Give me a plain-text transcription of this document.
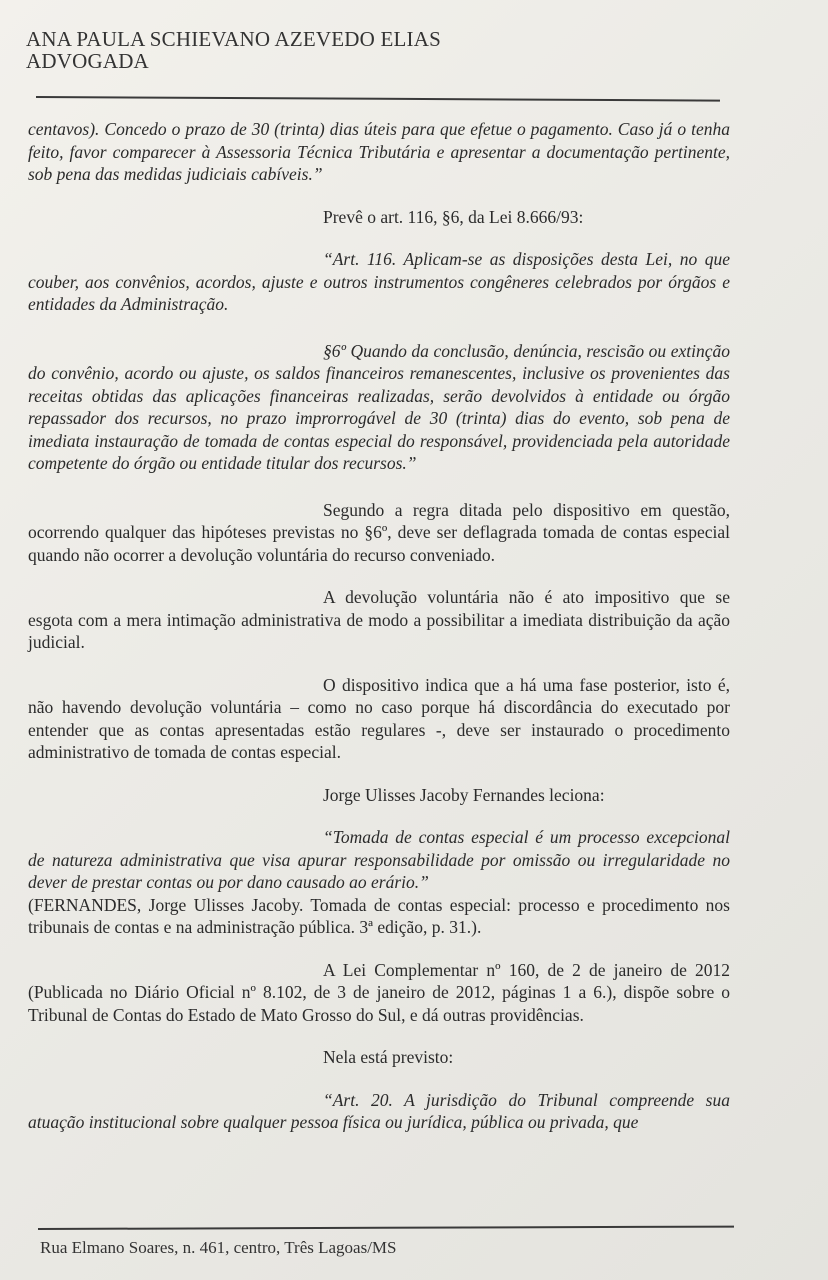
ANA PAULA SCHIEVANO AZEVEDO ELIAS
ADVOGADA

centavos). Concedo o prazo de 30 (trinta) dias úteis para que efetue o pagamento. Caso já o tenha feito, favor comparecer à Assessoria Técnica Tributária e apresentar a documentação pertinente, sob pena das medidas judiciais cabíveis.”

Prevê o art. 116, §6, da Lei 8.666/93:

“Art. 116. Aplicam-se as disposições desta Lei, no que couber, aos convênios, acordos, ajuste e outros instrumentos congêneres celebrados por órgãos e entidades da Administração.

§6º Quando da conclusão, denúncia, rescisão ou extinção do convênio, acordo ou ajuste, os saldos financeiros remanescentes, inclusive os provenientes das receitas obtidas das aplicações financeiras realizadas, serão devolvidos à entidade ou órgão repassador dos recursos, no prazo improrrogável de 30 (trinta) dias do evento, sob pena de imediata instauração de tomada de contas especial do responsável, providenciada pela autoridade competente do órgão ou entidade titular dos recursos.”

Segundo a regra ditada pelo dispositivo em questão, ocorrendo qualquer das hipóteses previstas no §6º, deve ser deflagrada tomada de contas especial quando não ocorrer a devolução voluntária do recurso conveniado.

A devolução voluntária não é ato impositivo que se esgota com a mera intimação administrativa de modo a possibilitar a imediata distribuição da ação judicial.

O dispositivo indica que a há uma fase posterior, isto é, não havendo devolução voluntária – como no caso porque há discordância do executado por entender que as contas apresentadas estão regulares -, deve ser instaurado o procedimento administrativo de tomada de contas especial.

Jorge Ulisses Jacoby Fernandes leciona:

“Tomada de contas especial é um processo excepcional de natureza administrativa que visa apurar responsabilidade por omissão ou irregularidade no dever de prestar contas ou por dano causado ao erário.”

(FERNANDES, Jorge Ulisses Jacoby. Tomada de contas especial: processo e procedimento nos tribunais de contas e na administração pública. 3ª edição, p. 31.).

A Lei Complementar nº 160, de 2 de janeiro de 2012 (Publicada no Diário Oficial nº 8.102, de 3 de janeiro de 2012, páginas 1 a 6.), dispõe sobre o Tribunal de Contas do Estado de Mato Grosso do Sul, e dá outras providências.

Nela está previsto:

“Art. 20. A jurisdição do Tribunal compreende sua atuação institucional sobre qualquer pessoa física ou jurídica, pública ou privada, que

Rua Elmano Soares, n. 461, centro, Três Lagoas/MS
